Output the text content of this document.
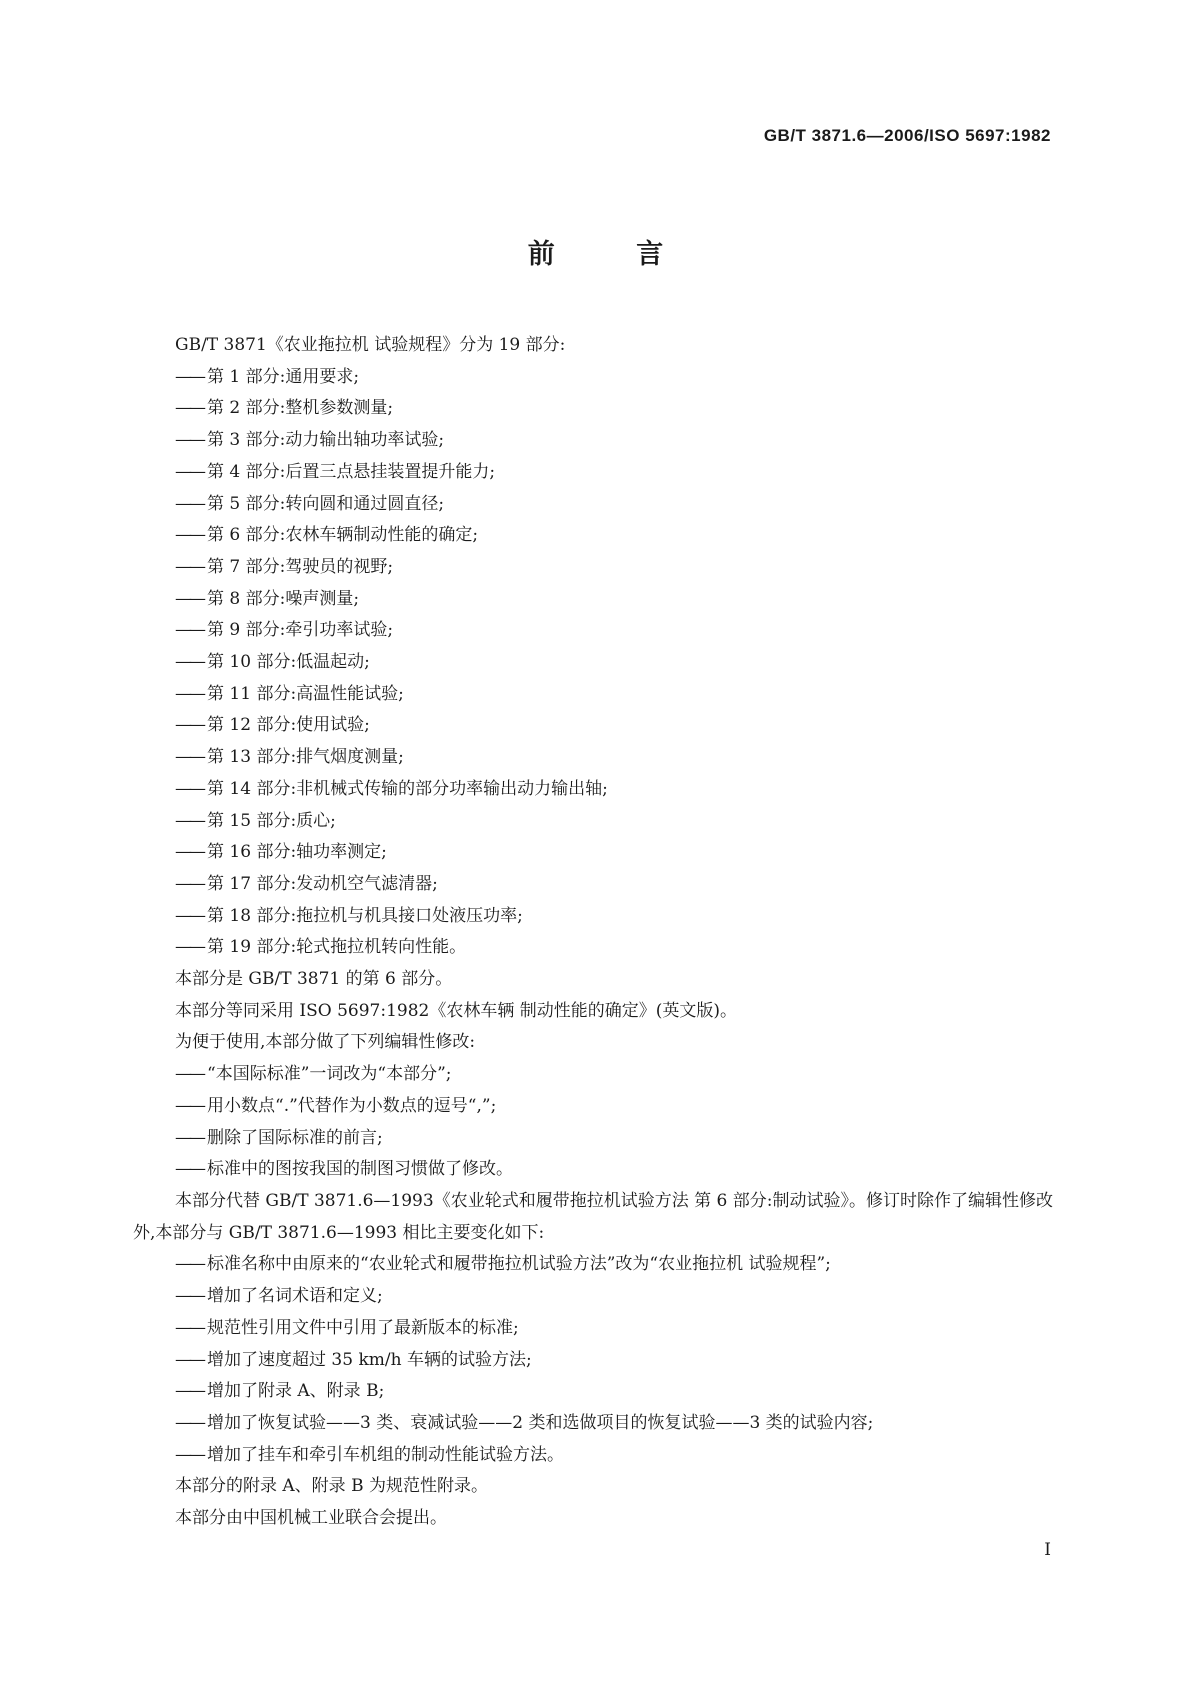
GB/T 3871.6—2006/ISO 5697:1982
前 言

GB/T 3871《农业拖拉机 试验规程》分为 19 部分:

—— 第 1 部分:通用要求;

—— 第 2 部分:整机参数测量;

—— 第 3 部分:动力输出轴功率试验;

—— 第 4 部分:后置三点悬挂装置提升能力;

—— 第 5 部分:转向圆和通过圆直径;

—— 第 6 部分:农林车辆制动性能的确定;

—— 第 7 部分:驾驶员的视野;

—— 第 8 部分:噪声测量;

—— 第 9 部分:牵引功率试验;

—— 第 10 部分:低温起动;

—— 第 11 部分:高温性能试验;

—— 第 12 部分:使用试验;

—— 第 13 部分:排气烟度测量;

—— 第 14 部分:非机械式传输的部分功率输出动力输出轴;

—— 第 15 部分:质心;

—— 第 16 部分:轴功率测定;

—— 第 17 部分:发动机空气滤清器;

—— 第 18 部分:拖拉机与机具接口处液压功率;

—— 第 19 部分:轮式拖拉机转向性能。

本部分是 GB/T 3871 的第 6 部分。

本部分等同采用 ISO 5697:1982《农林车辆 制动性能的确定》(英文版)。

为便于使用,本部分做了下列编辑性修改:

—— “本国际标准”一词改为“本部分”;

—— 用小数点“.”代替作为小数点的逗号“,”;

—— 删除了国际标准的前言;

—— 标准中的图按我国的制图习惯做了修改。

本部分代替 GB/T 3871.6—1993《农业轮式和履带拖拉机试验方法 第 6 部分:制动试验》。修订时除作了编辑性修改外,本部分与 GB/T 3871.6—1993 相比主要变化如下:

—— 标准名称中由原来的“农业轮式和履带拖拉机试验方法”改为“农业拖拉机 试验规程”;

—— 增加了名词术语和定义;

—— 规范性引用文件中引用了最新版本的标准;

—— 增加了速度超过 35 km/h 车辆的试验方法;

—— 增加了附录 A、附录 B;

—— 增加了恢复试验——3 类、衰减试验——2 类和选做项目的恢复试验——3 类的试验内容;

—— 增加了挂车和牵引车机组的制动性能试验方法。

本部分的附录 A、附录 B 为规范性附录。

本部分由中国机械工业联合会提出。

I
